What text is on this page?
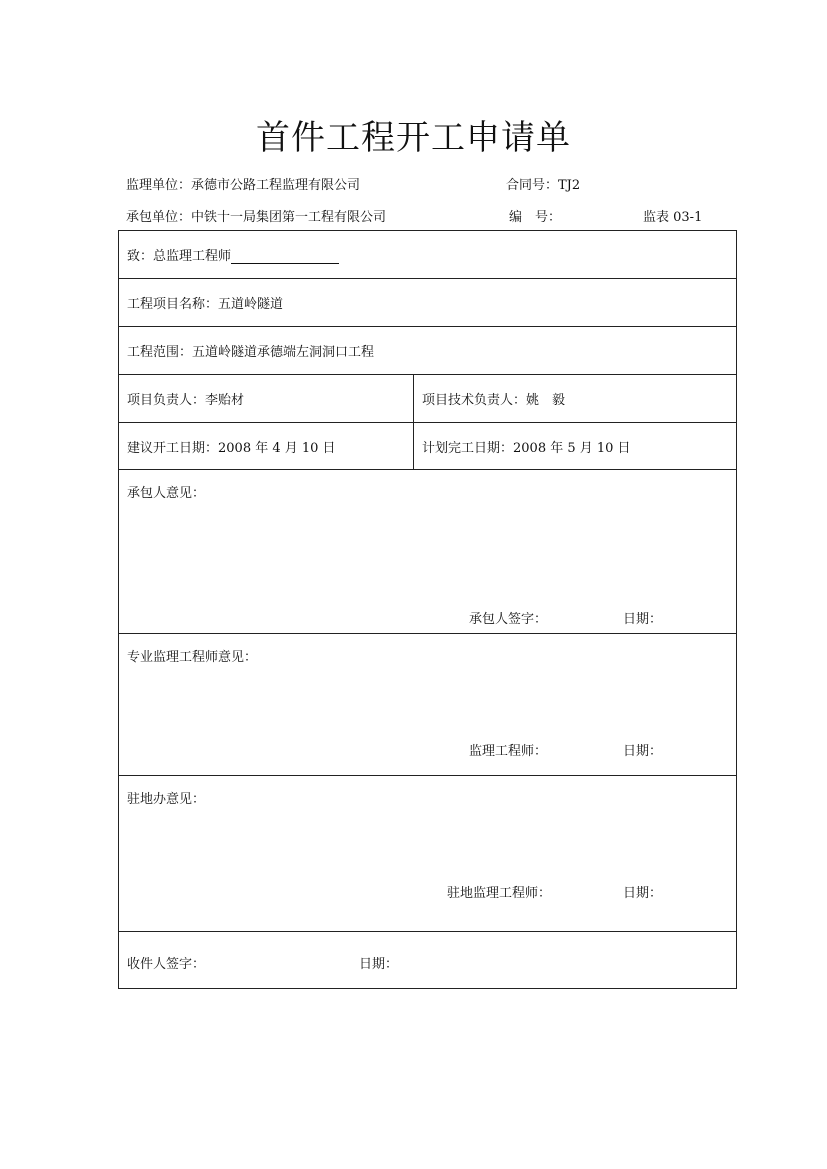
首件工程开工申请单
监理单位：承德市公路工程监理有限公司	合同号：TJ2
承包单位：中铁十一局集团第一工程有限公司	编　号：	监表 03-1
致：总监理工程师	
工程项目名称：五道岭隧道	
工程范围：五道岭隧道承德端左洞洞口工程	
项目负责人：李贻材	项目技术负责人：姚　毅
建议开工日期：2008 年 4 月 10 日	计划完工日期：2008 年 5 月 10 日

承包人意见：
承包人签字： 日期：	

专业监理工程师意见：
监理工程师： 日期：	

驻地办意见：
驻地监理工程师： 日期：	

收件人签字： 日期：	
